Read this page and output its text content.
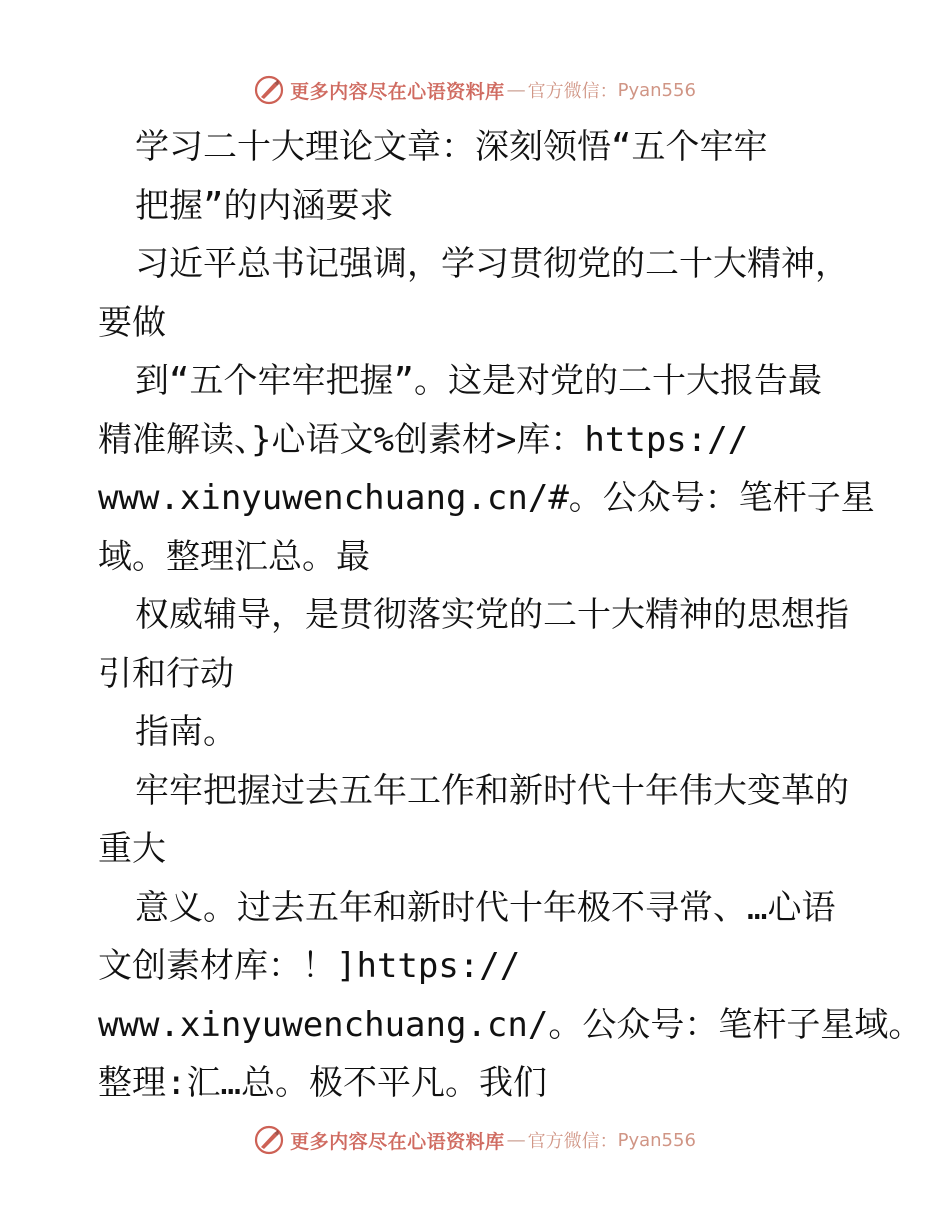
更多内容尽在心语资料库 — 官方微信： Pyan556
学习二十大理论文章：深刻领悟“五个牢牢
把握”的内涵要求
习近平总书记强调，学习贯彻党的二十大精神，
要做
到“五个牢牢把握”。这是对党的二十大报告最
精准解读、}心语文%创素材>库：https://
www.xinyuwenchuang.cn/#。公众号：笔杆子星
域。整理汇总。最
权威辅导，是贯彻落实党的二十大精神的思想指
引和行动
指南。
牢牢把握过去五年工作和新时代十年伟大变革的
重大
意义。过去五年和新时代十年极不寻常、…心语
文创素材库：！]https://
www.xinyuwenchuang.cn/。公众号：笔杆子星域。
整理:汇…总。极不平凡。我们
更多内容尽在心语资料库 — 官方微信： Pyan556
